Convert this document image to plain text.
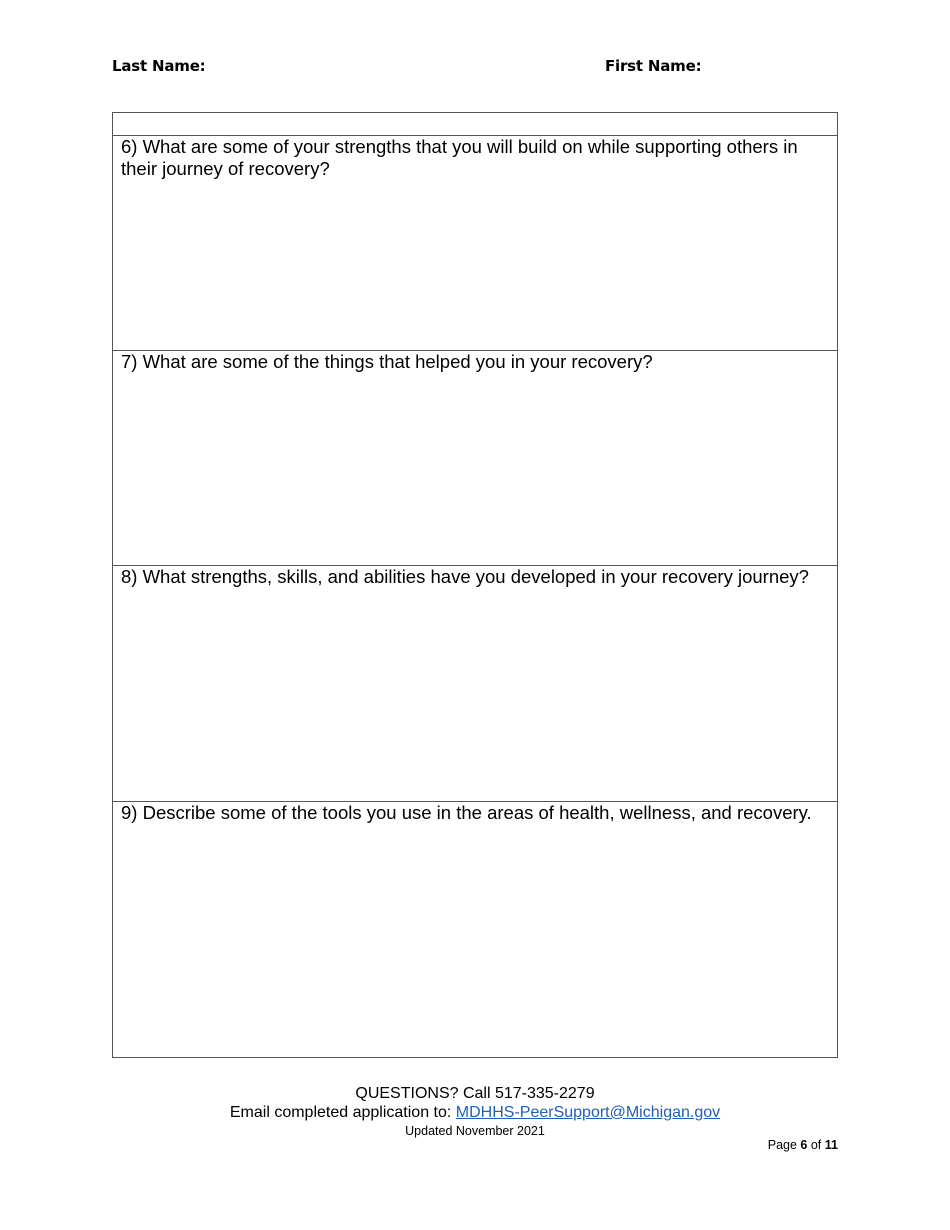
Last Name:	First Name:
6) What are some of your strengths that you will build on while supporting others in their journey of recovery?
7) What are some of the things that helped you in your recovery?
8) What strengths, skills, and abilities have you developed in your recovery journey?
9) Describe some of the tools you use in the areas of health, wellness, and recovery.
QUESTIONS? Call 517-335-2279
Email completed application to: MDHHS-PeerSupport@Michigan.gov
Updated November 2021
Page 6 of 11
